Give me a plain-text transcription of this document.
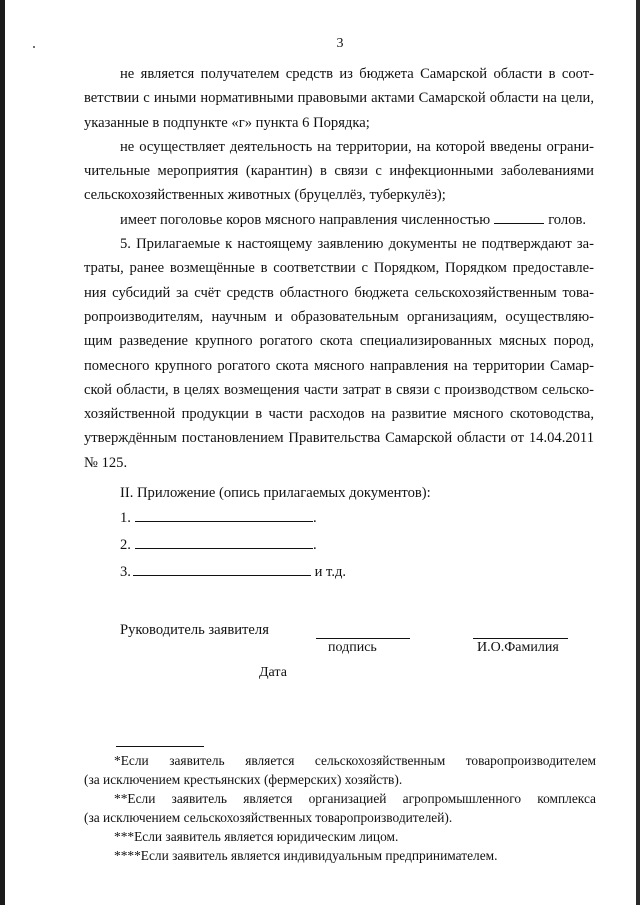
3

не является получателем средств из бюджета Самарской области в соот-
ветствии с иными нормативными правовыми актами Самарской области на цели,
указанные в подпункте «г» пункта 6 Порядка;

не осуществляет деятельность на территории, на которой введены ограни-
чительные мероприятия (карантин) в связи с инфекционными заболеваниями
сельскохозяйственных животных (бруцеллёз, туберкулёз);

имеет поголовье коров мясного направления численностью	голов.

5. Прилагаемые к настоящему заявлению документы не подтверждают за-
траты, ранее возмещённые в соответствии с Порядком, Порядком предоставле-
ния субсидий за счёт средств областного бюджета сельскохозяйственным това-
ропроизводителям, научным и образовательным организациям, осуществляю-
щим разведение крупного рогатого скота специализированных мясных пород,
помесного крупного рогатого скота мясного направления на территории Самар-
ской области, в целях возмещения части затрат в связи с производством сельско-
хозяйственной продукции в части расходов на развитие мясного скотоводства,
утверждённым постановлением Правительства Самарской области от 14.04.2011
№ 125.

II. Приложение (опись прилагаемых документов):
1.	.
2.	.
3.	и т.д.
Руководитель заявителя
подпись	И.О.Фамилия
Дата

*Если заявитель является сельскохозяйственным товаропроизводителем
(за исключением крестьянских (фермерских) хозяйств).

**Если заявитель является организацией агропромышленного комплекса
(за исключением сельскохозяйственных товаропроизводителей).

***Если заявитель является юридическим лицом.

****Если заявитель является индивидуальным предпринимателем.
